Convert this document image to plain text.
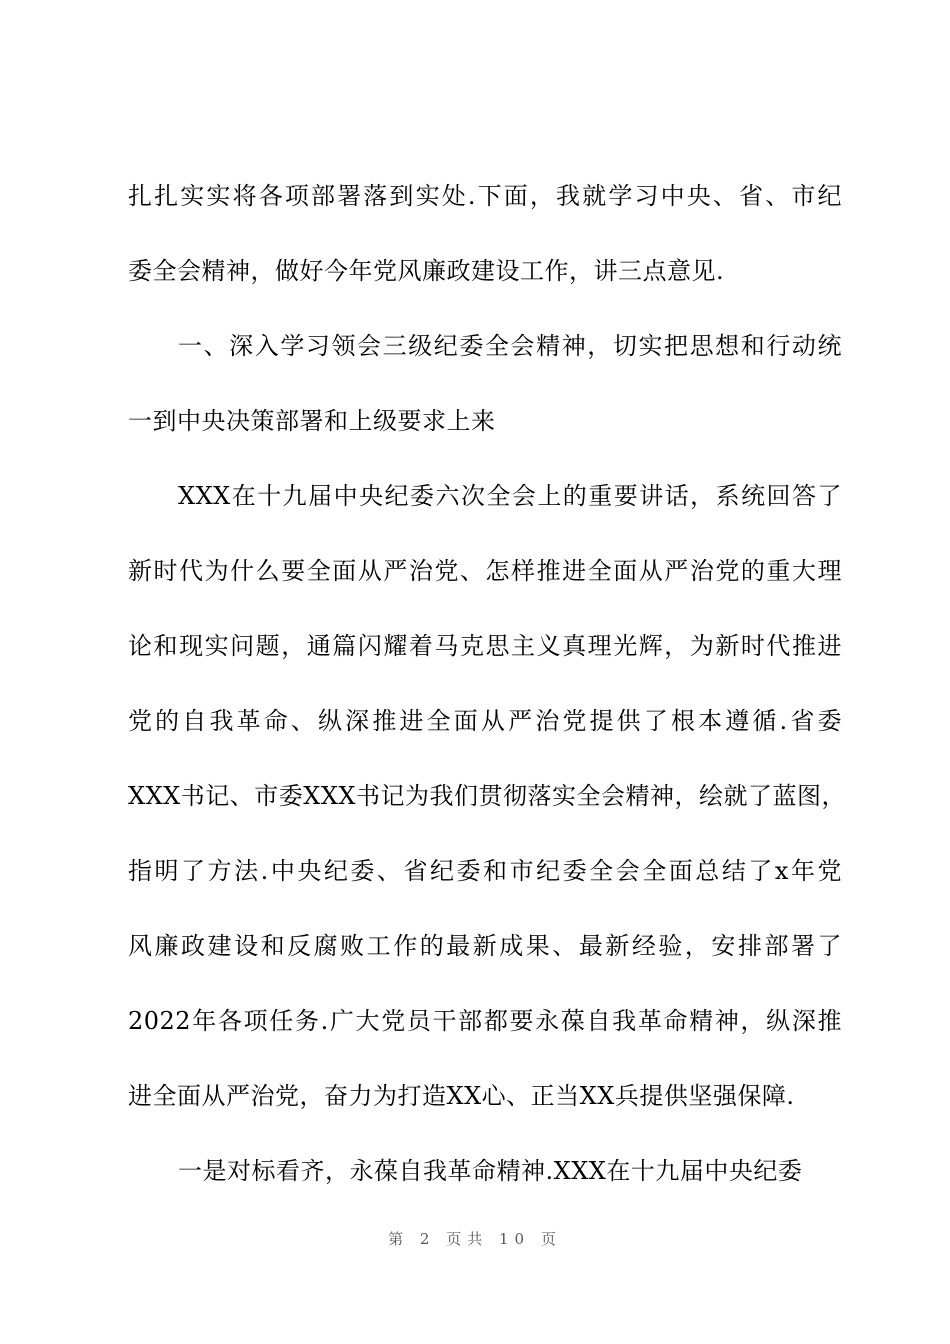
扎扎实实将各项部署落到实处.下面，我就学习中央、省、市纪
委全会精神，做好今年党风廉政建设工作，讲三点意见.
一、深入学习领会三级纪委全会精神，切实把思想和行动统
一到中央决策部署和上级要求上来
XXX在十九届中央纪委六次全会上的重要讲话，系统回答了
新时代为什么要全面从严治党、怎样推进全面从严治党的重大理
论和现实问题，通篇闪耀着马克思主义真理光辉，为新时代推进
党的自我革命、纵深推进全面从严治党提供了根本遵循.省委
XXX书记、市委XXX书记为我们贯彻落实全会精神，绘就了蓝图，
指明了方法.中央纪委、省纪委和市纪委全会全面总结了x年党
风廉政建设和反腐败工作的最新成果、最新经验，安排部署了
2022年各项任务.广大党员干部都要永葆自我革命精神，纵深推
进全面从严治党，奋力为打造XX心、正当XX兵提供坚强保障.
一是对标看齐，永葆自我革命精神.XXX在十九届中央纪委
第 2 页共 10 页
